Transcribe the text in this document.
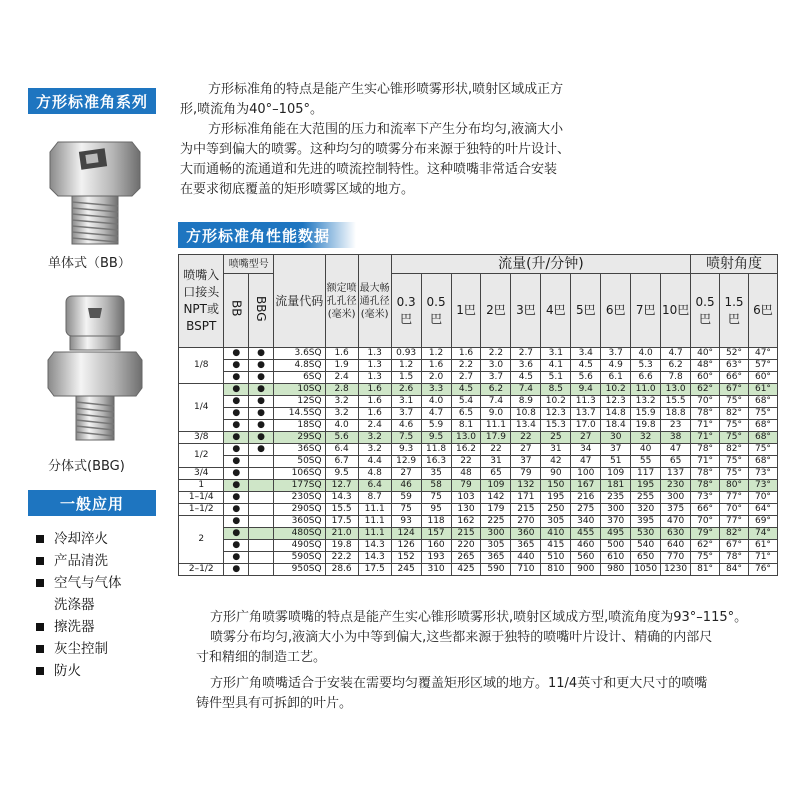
方形标准角系列
单体式（BB）
分体式(BBG)
一般应用
冷却淬火
产品清洗
空气与气体
洗涤器
擦洗器
灰尘控制
防火

方形标准角的特点是能产生实心锥形喷雾形状,喷射区域成正方

形,喷流角为40°–105°。

方形标准角能在大范围的压力和流率下产生分布均匀,液滴大小

为中等到偏大的喷雾。这种均匀的喷雾分布来源于独特的叶片设计、

大而通畅的流通道和先进的喷流控制特性。这种喷嘴非常适合安装

在要求彻底覆盖的矩形喷雾区域的地方。

方形标准角性能数据
喷嘴入口接头NPT或BSPT	喷嘴型号		流量代码	额定喷孔孔径(毫米)	最大畅通孔径(毫米)	流量(升/分钟)										喷射角度		
	BB	BBG				0.3巴	0.5巴	1巴	2巴	3巴	4巴	5巴	6巴	7巴	10巴	0.5巴	1.5巴	6巴
1/8	●	●	3.6SQ	1.6	1.3	0.93	1.2	1.6	2.2	2.7	3.1	3.4	3.7	4.0	4.7	40°	52°	47°
	●	●	4.8SQ	1.9	1.3	1.2	1.6	2.2	3.0	3.6	4.1	4.5	4.9	5.3	6.2	48°	63°	57°
	●	●	6SQ	2.4	1.3	1.5	2.0	2.7	3.7	4.5	5.1	5.6	6.1	6.6	7.8	60°	66°	60°
1/4	●	●	10SQ	2.8	1.6	2.6	3.3	4.5	6.2	7.4	8.5	9.4	10.2	11.0	13.0	62°	67°	61°
	●	●	12SQ	3.2	1.6	3.1	4.0	5.4	7.4	8.9	10.2	11.3	12.3	13.2	15.5	70°	75°	68°
	●	●	14.5SQ	3.2	1.6	3.7	4.7	6.5	9.0	10.8	12.3	13.7	14.8	15.9	18.8	78°	82°	75°
	●	●	18SQ	4.0	2.4	4.6	5.9	8.1	11.1	13.4	15.3	17.0	18.4	19.8	23	71°	75°	68°
3/8	●	●	29SQ	5.6	3.2	7.5	9.5	13.0	17.9	22	25	27	30	32	38	71°	75°	68°
1/2	●	●	36SQ	6.4	3.2	9.3	11.8	16.2	22	27	31	34	37	40	47	78°	82°	75°
	●		50SQ	6.7	4.4	12.9	16.3	22	31	37	42	47	51	55	65	71°	75°	68°
3/4	●		106SQ	9.5	4.8	27	35	48	65	79	90	100	109	117	137	78°	75°	73°
1	●		177SQ	12.7	6.4	46	58	79	109	132	150	167	181	195	230	78°	80°	73°
1–1/4	●		230SQ	14.3	8.7	59	75	103	142	171	195	216	235	255	300	73°	77°	70°
1–1/2	●		290SQ	15.5	11.1	75	95	130	179	215	250	275	300	320	375	66°	70°	64°
2	●		360SQ	17.5	11.1	93	118	162	225	270	305	340	370	395	470	70°	77°	69°
	●		480SQ	21.0	11.1	124	157	215	300	360	410	455	495	530	630	79°	82°	74°
	●		490SQ	19.8	14.3	126	160	220	305	365	415	460	500	540	640	62°	67°	61°
	●		590SQ	22.2	14.3	152	193	265	365	440	510	560	610	650	770	75°	78°	71°
2–1/2	●		950SQ	28.6	17.5	245	310	425	590	710	810	900	980	1050	1230	81°	84°	76°

方形广角喷雾喷嘴的特点是能产生实心锥形喷雾形状,喷射区域成方型,喷流角度为93°–115°。

喷雾分布均匀,液滴大小为中等到偏大,这些都来源于独特的喷嘴叶片设计、精确的内部尺

寸和精细的制造工艺。

方形广角喷嘴适合于安装在需要均匀覆盖矩形区域的地方。11/4英寸和更大尺寸的喷嘴

铸件型具有可拆卸的叶片。
